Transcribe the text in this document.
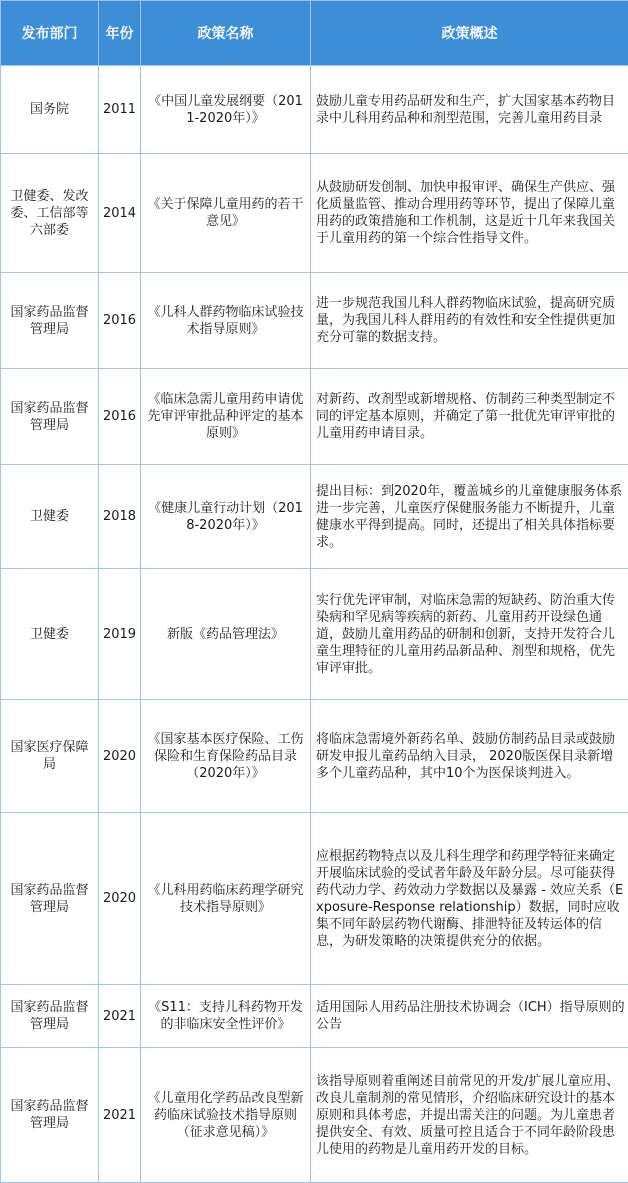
发布部门	年份	政策名称	政策概述
国务院	2011	《中国儿童发展纲要（2011-2020年）》	鼓励儿童专用药品研发和生产，扩大国家基本药物目录中儿科用药品种和剂型范围，完善儿童用药目录
卫健委、发改委、工信部等六部委	2014	《关于保障儿童用药的若干意见》	从鼓励研发创制、加快申报审评、确保生产供应、强化质量监管、推动合理用药等环节，提出了保障儿童用药的政策措施和工作机制，这是近十几年来我国关于儿童用药的第一个综合性指导文件。
国家药品监督管理局	2016	《儿科人群药物临床试验技术指导原则》	进一步规范我国儿科人群药物临床试验，提高研究质量，为我国儿科人群用药的有效性和安全性提供更加充分可靠的数据支持。
国家药品监督管理局	2016	《临床急需儿童用药申请优先审评审批品种评定的基本原则》	对新药、改剂型或新增规格、仿制药三种类型制定不同的评定基本原则，并确定了第一批优先审评审批的儿童用药申请目录。
卫健委	2018	《健康儿童行动计划（2018-2020年）》	提出目标：到2020年，覆盖城乡的儿童健康服务体系进一步完善，儿童医疗保健服务能力不断提升，儿童健康水平得到提高。同时，还提出了相关具体指标要求。
卫健委	2019	新版《药品管理法》	实行优先评审制，对临床急需的短缺药、防治重大传染病和罕见病等疾病的新药、儿童用药开设绿色通道，鼓励儿童用药品的研制和创新，支持开发符合儿童生理特征的儿童用药品新品种、剂型和规格，优先审评审批。
国家医疗保障局	2020	《国家基本医疗保险、工伤保险和生育保险药品目录（2020年）》	将临床急需境外新药名单、鼓励仿制药品目录或鼓励研发申报儿童药品纳入目录， 2020版医保目录新增多个儿童药品种，其中10个为医保谈判进入。
国家药品监督管理局	2020	《儿科用药临床药理学研究技术指导原则》	应根据药物特点以及儿科生理学和药理学特征来确定开展临床试验的受试者年龄及年龄分层。尽可能获得药代动力学、药效动力学数据以及暴露 - 效应关系（Exposure-Response relationship）数据，同时应收集不同年龄层药物代谢酶、排泄特征及转运体的信息，为研发策略的决策提供充分的依据。
国家药品监督管理局	2021	《S11：支持儿科药物开发的非临床安全性评价》	适用国际人用药品注册技术协调会（ICH）指导原则的公告
国家药品监督管理局	2021	《儿童用化学药品改良型新药临床试验技术指导原则（征求意见稿）》	该指导原则着重阐述目前常见的开发/扩展儿童应用、改良儿童制剂的常见情形，介绍临床研究设计的基本原则和具体考虑，并提出需关注的问题。为儿童患者提供安全、有效、质量可控且适合于不同年龄阶段患儿使用的药物是儿童用药开发的目标。
